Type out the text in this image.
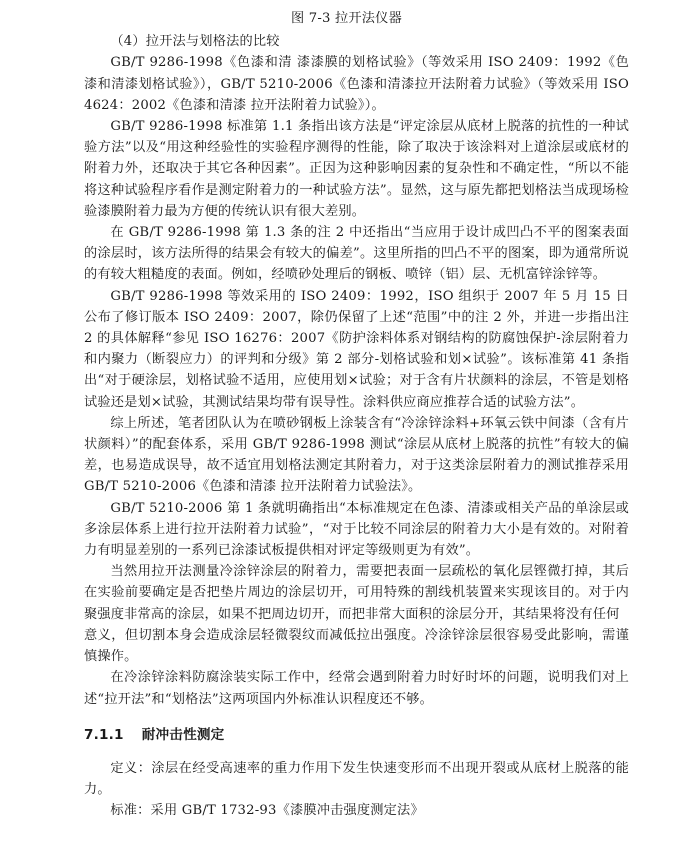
图 7-3 拉开法仪器

（4）拉开法与划格法的比较

GB/T 9286-1998《色漆和清 漆漆膜的划格试验》（等效采用 ISO 2409：1992《色漆和清漆划格试验》），GB/T 5210-2006《色漆和清漆拉开法附着力试验》（等效采用 ISO 4624：2002《色漆和清漆 拉开法附着力试验》）。

GB/T 9286-1998 标准第 1.1 条指出该方法是“评定涂层从底材上脱落的抗性的一种试验方法”以及“用这种经验性的实验程序测得的性能，除了取决于该涂料对上道涂层或底材的附着力外，还取决于其它各种因素”。正因为这种影响因素的复杂性和不确定性，“所以不能将这种试验程序看作是测定附着力的一种试验方法”。显然，这与原先都把划格法当成现场检验漆膜附着力最为方便的传统认识有很大差别。

在 GB/T 9286-1998 第 1.3 条的注 2 中还指出“当应用于设计成凹凸不平的图案表面的涂层时，该方法所得的结果会有较大的偏差”。这里所指的凹凸不平的图案，即为通常所说的有较大粗糙度的表面。例如，经喷砂处理后的钢板、喷锌（铝）层、无机富锌涂锌等。

GB/T 9286-1998 等效采用的 ISO 2409：1992，ISO 组织于 2007 年 5 月 15 日公布了修订版本 ISO 2409：2007，除仍保留了上述“范围”中的注 2 外，并进一步指出注 2 的具体解释“参见 ISO 16276：2007《防护涂料体系对钢结构的防腐蚀保护-涂层附着力和内聚力（断裂应力）的评判和分级》第 2 部分-划格试验和划×试验”。该标准第 41 条指出“对于硬涂层，划格试验不适用，应使用划×试验；对于含有片状颜料的涂层，不管是划格试验还是划×试验，其测试结果均带有误导性。涂料供应商应推荐合适的试验方法”。

综上所述，笔者团队认为在喷砂钢板上涂装含有“冷涂锌涂料+环氧云铁中间漆（含有片状颜料）”的配套体系，采用 GB/T 9286-1998 测试“涂层从底材上脱落的抗性”有较大的偏差，也易造成误导，故不适宜用划格法测定其附着力，对于这类涂层附着力的测试推荐采用 GB/T 5210-2006《色漆和清漆 拉开法附着力试验法》。

GB/T 5210-2006 第 1 条就明确指出“本标准规定在色漆、清漆或相关产品的单涂层或多涂层体系上进行拉开法附着力试验”，“对于比较不同涂层的附着力大小是有效的。对附着力有明显差别的一系列已涂漆试板提供相对评定等级则更为有效”。

当然用拉开法测量冷涂锌涂层的附着力，需要把表面一层疏松的氧化层铿微打掉，其后在实验前要确定是否把垫片周边的涂层切开，可用特殊的割线机装置来实现该目的。对于内聚强度非常高的涂层，如果不把周边切开，而把非常大面积的涂层分开，其结果将没有任何

意义，但切割本身会造成涂层轻微裂纹而减低拉出强度。冷涂锌涂层很容易受此影响，需谨慎操作。

在冷涂锌涂料防腐涂装实际工作中，经常会遇到附着力时好时坏的问题，说明我们对上述“拉开法”和“划格法”这两项国内外标准认识程度还不够。

7.1.1 耐冲击性测定

定义：涂层在经受高速率的重力作用下发生快速变形而不出现开裂或从底材上脱落的能力。

标准：采用 GB/T 1732-93《漆膜冲击强度测定法》
